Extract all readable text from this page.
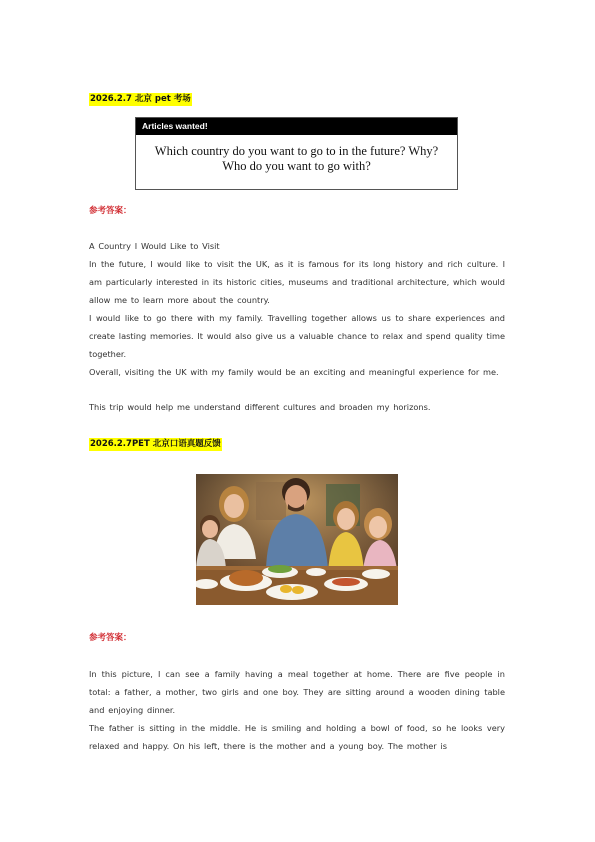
2026.2.7 北京 pet 考场
Articles wanted!
Which country do you want to go to in the future? Why?
Who do you want to go with?
参考答案：
A Country I Would Like to Visit
In the future, I would like to visit the UK, as it is famous for its long history and rich culture. I am particularly interested in its historic cities, museums and traditional architecture, which would allow me to learn more about the country.
I would like to go there with my family. Travelling together allows us to share experiences and create lasting memories. It would also give us a valuable chance to relax and spend quality time together.
Overall, visiting the UK with my family would be an exciting and meaningful experience for me.
This trip would help me understand different cultures and broaden my horizons.
2026.2.7PET 北京口语真题反馈
参考答案：
In this picture, I can see a family having a meal together at home. There are five people in total: a father, a mother, two girls and one boy. They are sitting around a wooden dining table and enjoying dinner.
The father is sitting in the middle. He is smiling and holding a bowl of food, so he looks very relaxed and happy. On his left, there is the mother and a young boy. The mother is
